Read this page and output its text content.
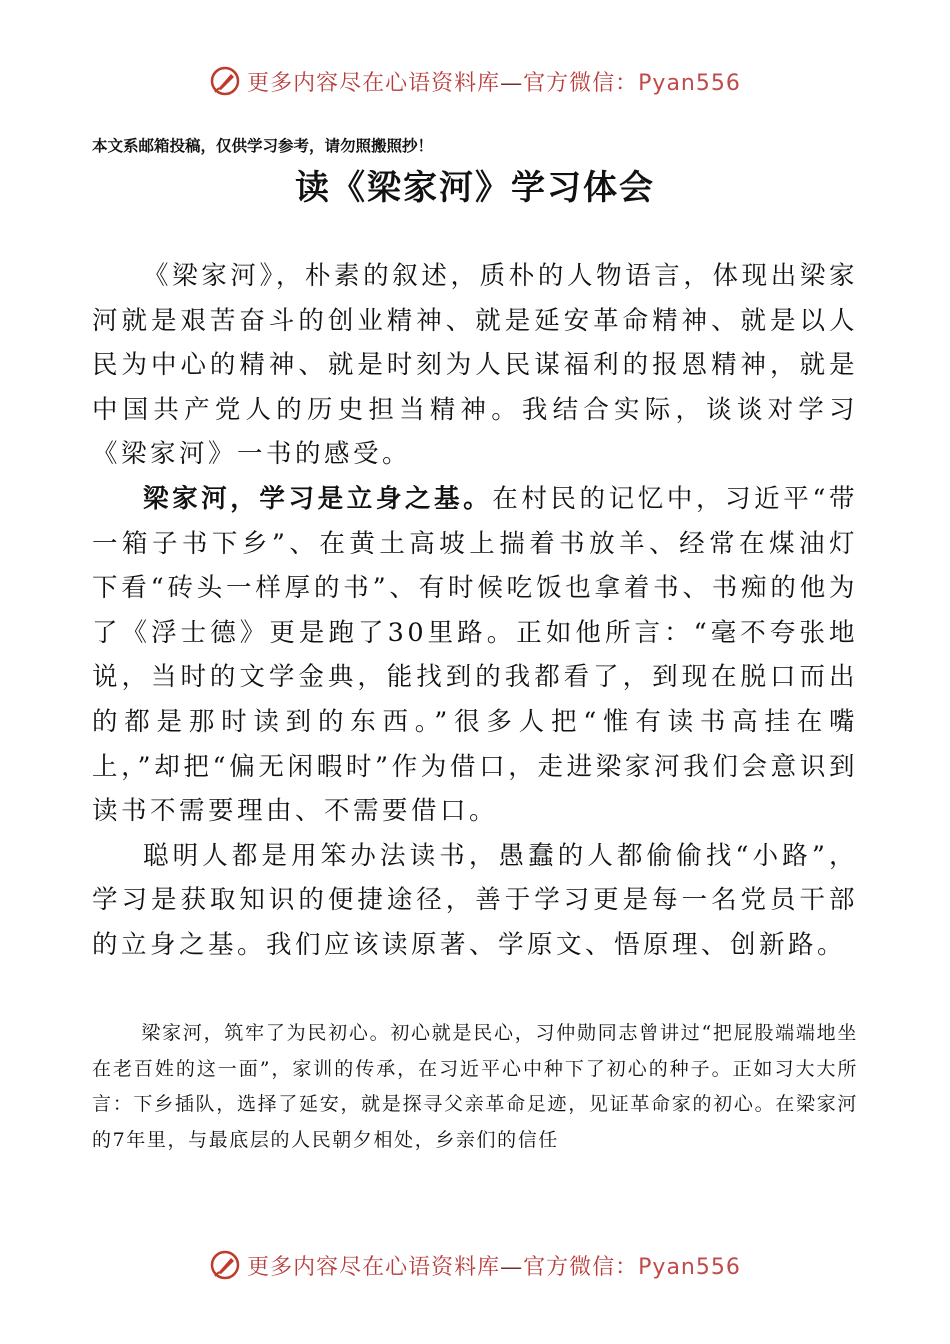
更多内容尽在心语资料库—官方微信：Pyan556
本文系邮箱投稿，仅供学习参考，请勿照搬照抄！
读《梁家河》学习体会

《梁家河》，朴素的叙述，质朴的人物语言，体现出梁家河就是艰苦奋斗的创业精神、就是延安革命精神、就是以人民为中心的精神、就是时刻为人民谋福利的报恩精神，就是中国共产党人的历史担当精神。我结合实际，谈谈对学习《梁家河》一书的感受。

梁家河，学习是立身之基。在村民的记忆中，习近平“带一箱子书下乡”、在黄土高坡上揣着书放羊、经常在煤油灯下看“砖头一样厚的书”、有时候吃饭也拿着书、书痴的他为了《浮士德》更是跑了30里路。正如他所言：“毫不夸张地说，当时的文学金典，能找到的我都看了，到现在脱口而出的都是那时读到的东西。”很多人把“惟有读书高挂在嘴上，”却把“偏无闲暇时”作为借口，走进梁家河我们会意识到读书不需要理由、不需要借口。

聪明人都是用笨办法读书，愚蠢的人都偷偷找“小路”，学习是获取知识的便捷途径，善于学习更是每一名党员干部的立身之基。我们应该读原著、学原文、悟原理、创新路。

梁家河，筑牢了为民初心。初心就是民心，习仲勋同志曾讲过“把屁股端端地坐在老百姓的这一面”，家训的传承，在习近平心中种下了初心的种子。正如习大大所言：下乡插队，选择了延安，就是探寻父亲革命足迹，见证革命家的初心。在梁家河的7年里，与最底层的人民朝夕相处，乡亲们的信任

更多内容尽在心语资料库—官方微信：Pyan556
